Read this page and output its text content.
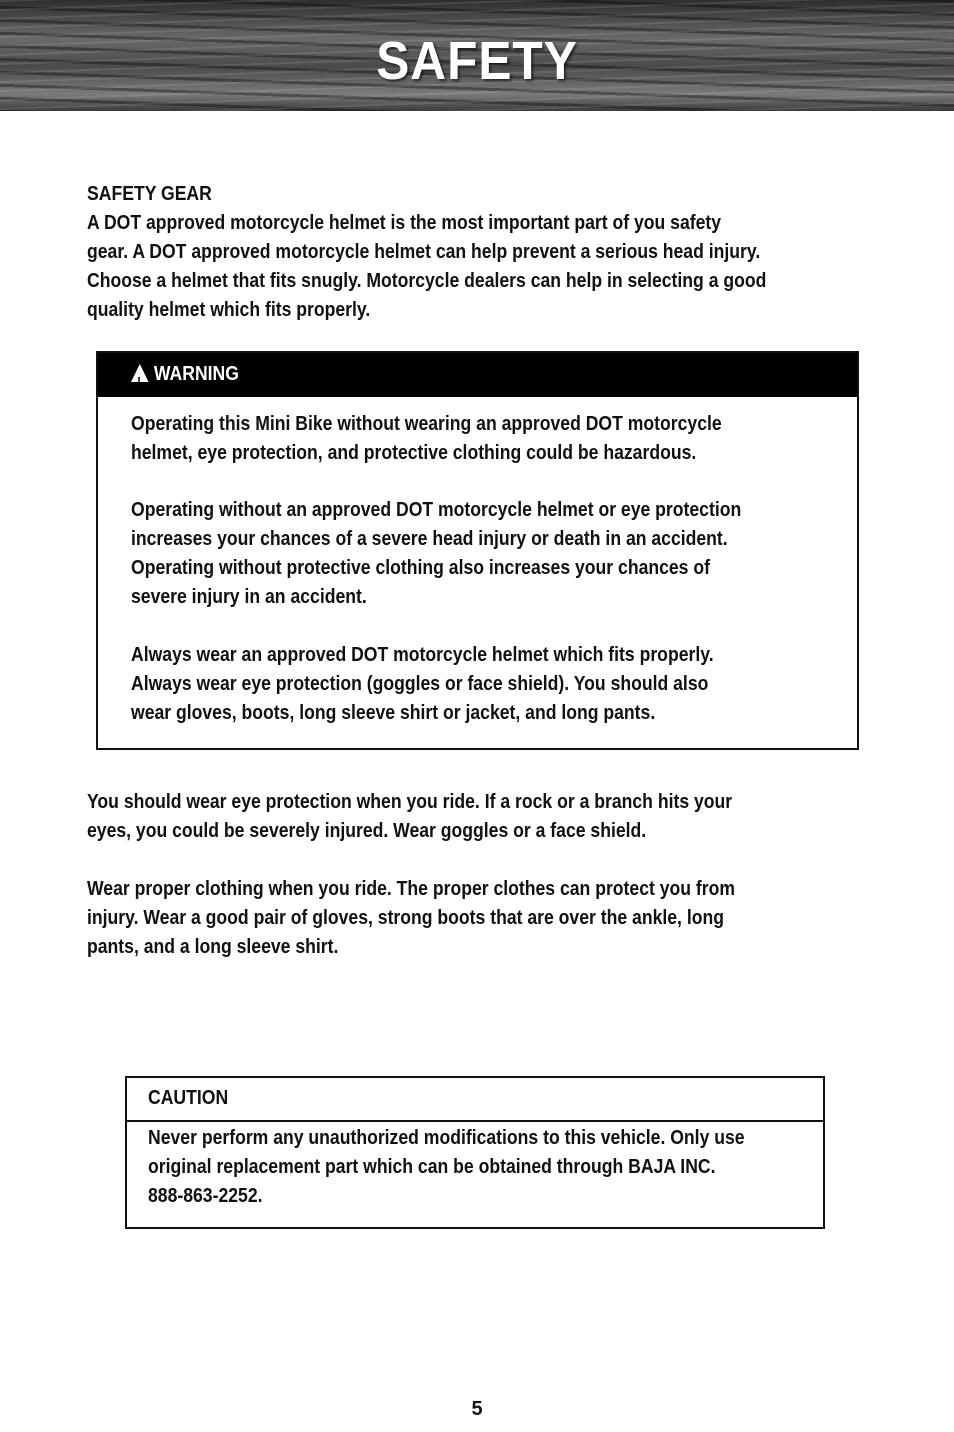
SAFETY
SAFETY GEAR
A DOT approved motorcycle helmet is the most important part of you safety
gear. A DOT approved motorcycle helmet can help prevent a serious head injury.
Choose a helmet that fits snugly. Motorcycle dealers can help in selecting a good
quality helmet which fits properly.
!WARNING
Operating this Mini Bike without wearing an approved DOT motorcycle
helmet, eye protection, and protective clothing could be hazardous.
Operating without an approved DOT motorcycle helmet or eye protection
increases your chances of a severe head injury or death in an accident.
Operating without protective clothing also increases your chances of
severe injury in an accident.
Always wear an approved DOT motorcycle helmet which fits properly.
Always wear eye protection (goggles or face shield). You should also
wear gloves, boots, long sleeve shirt or jacket, and long pants.
You should wear eye protection when you ride. If a rock or a branch hits your
eyes, you could be severely injured. Wear goggles or a face shield.
Wear proper clothing when you ride. The proper clothes can protect you from
injury. Wear a good pair of gloves, strong boots that are over the ankle, long
pants, and a long sleeve shirt.
CAUTION
Never perform any unauthorized modifications to this vehicle. Only use
original replacement part which can be obtained through BAJA INC.
888-863-2252.
5
